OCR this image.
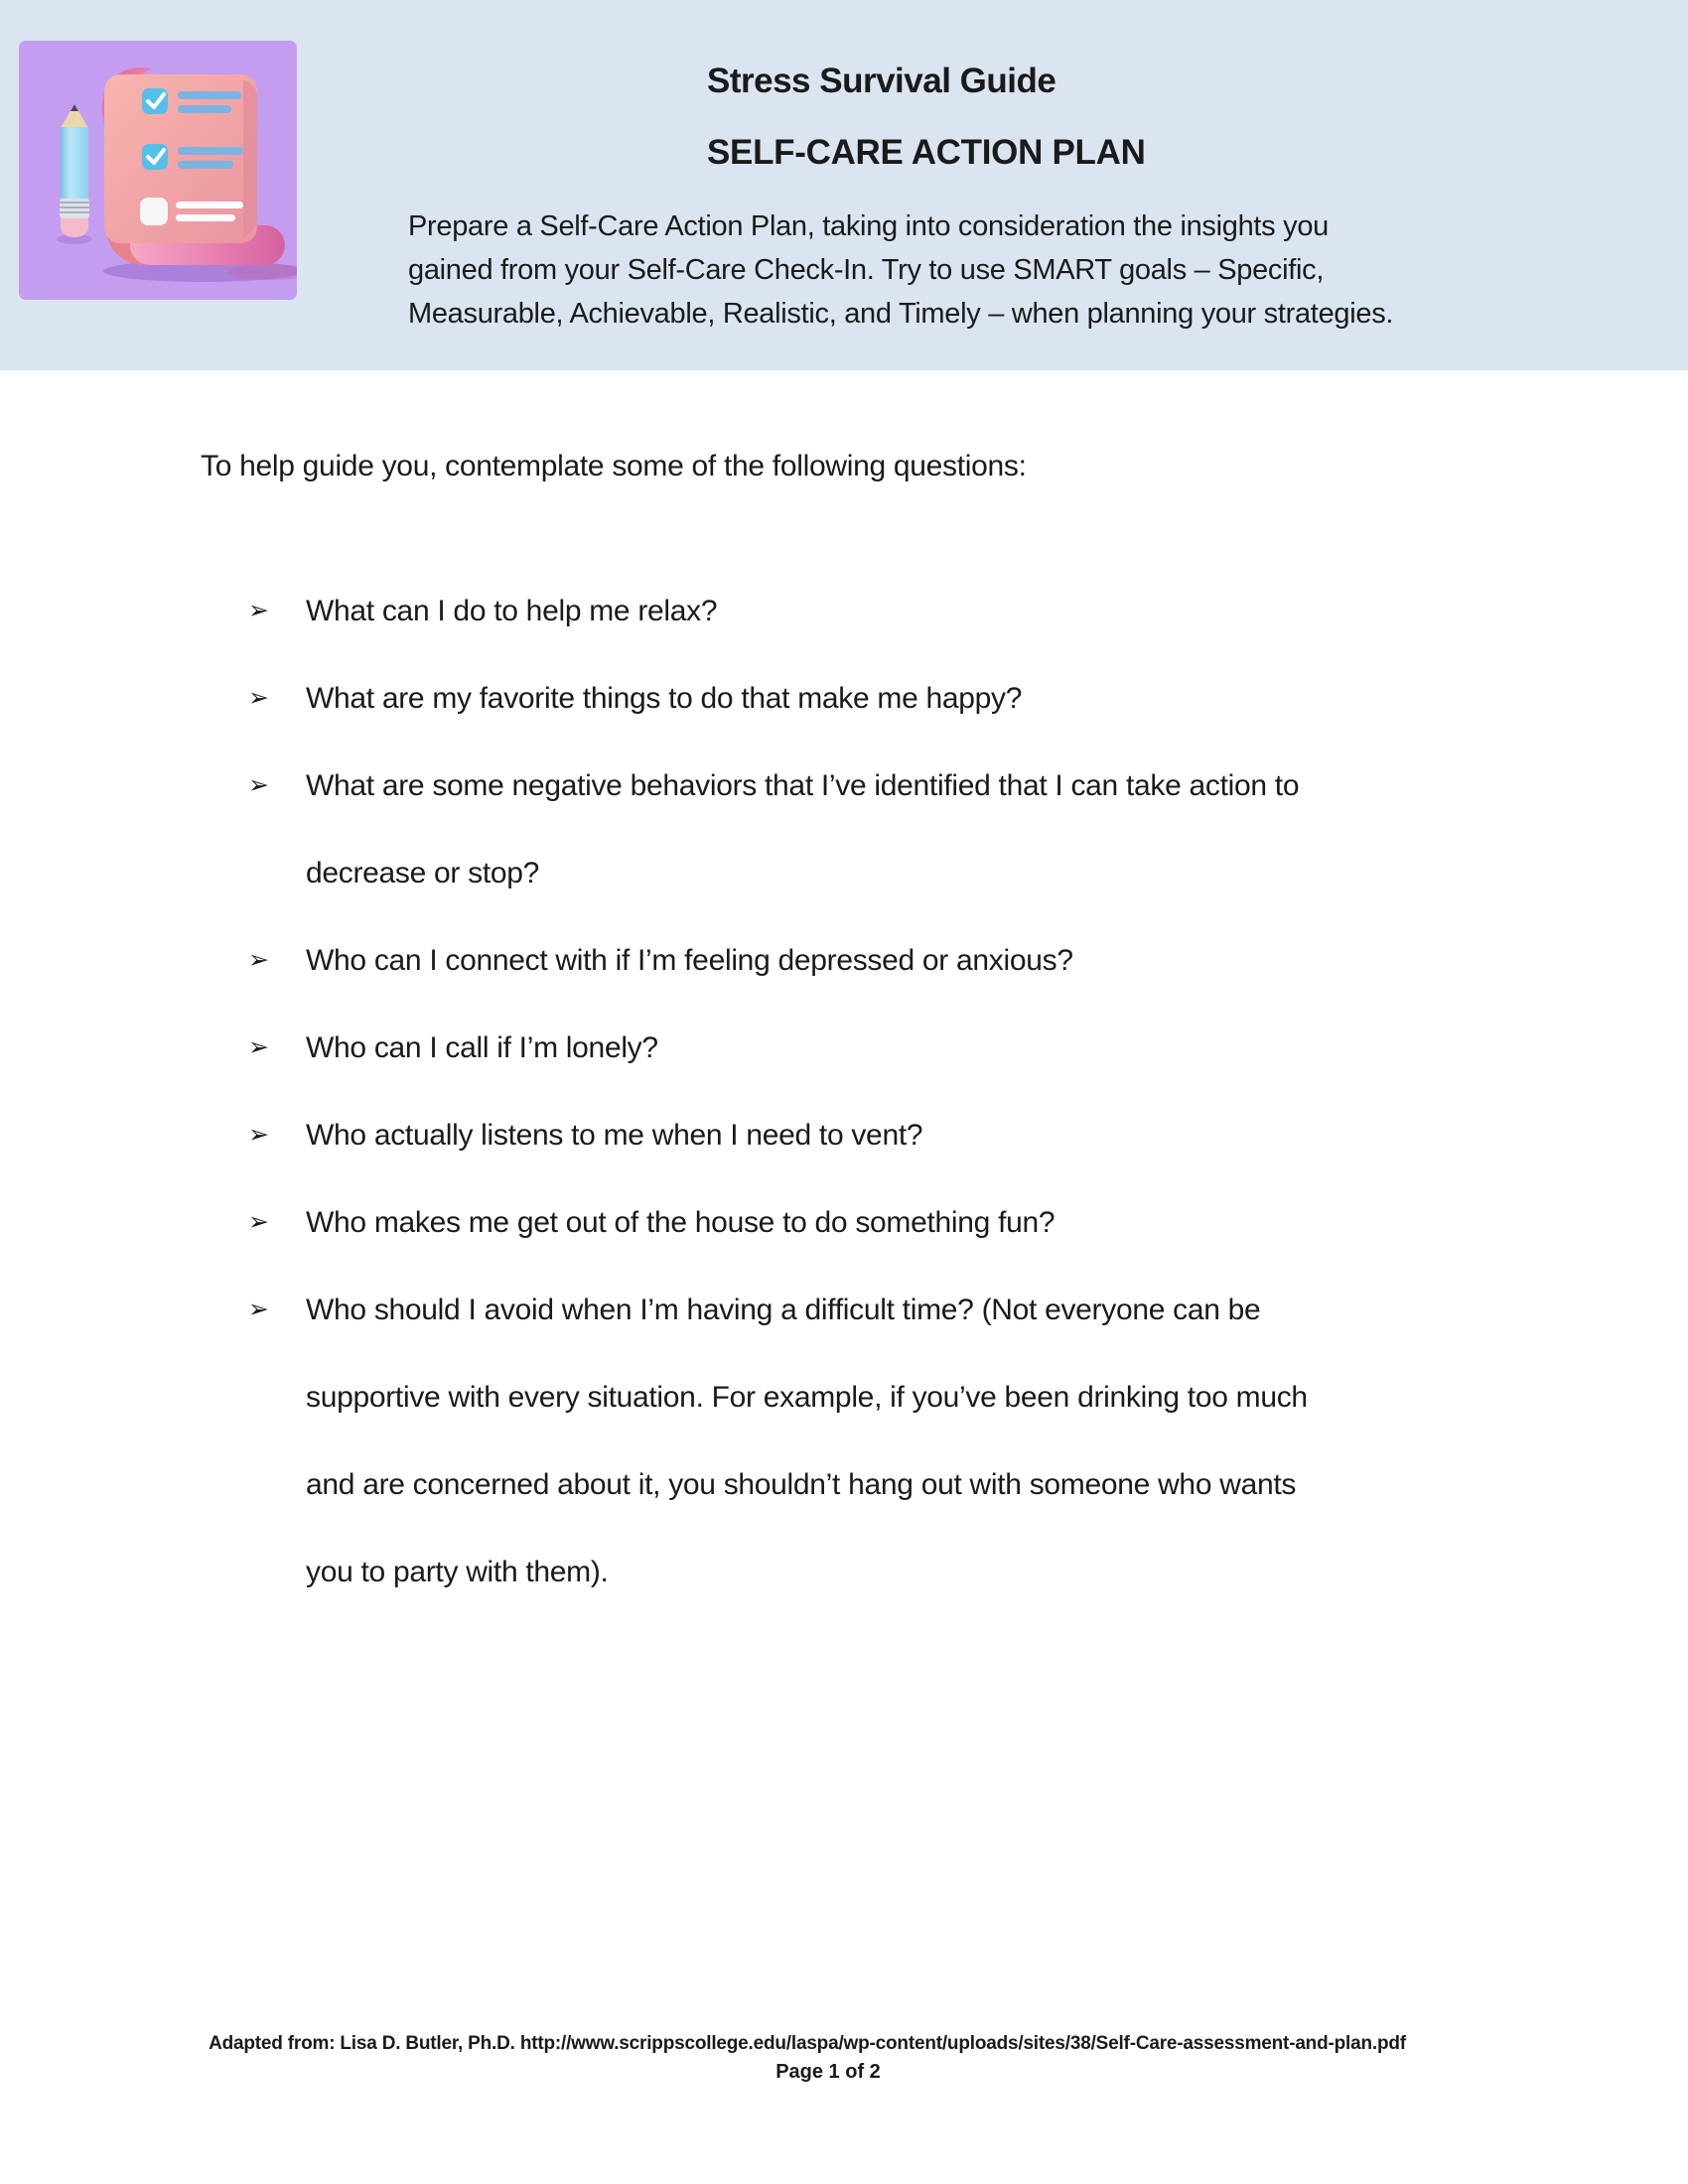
Stress Survival Guide
SELF-CARE ACTION PLAN
Prepare a Self-Care Action Plan, taking into consideration the insights you
gained from your Self-Care Check-In. Try to use SMART goals – Specific,
Measurable, Achievable, Realistic, and Timely – when planning your strategies.
To help guide you, contemplate some of the following questions:
➢	What can I do to help me relax?
➢	What are my favorite things to do that make me happy?
➢	What are some negative behaviors that I’ve identified that I can take action to
decrease or stop?
➢	Who can I connect with if I’m feeling depressed or anxious?
➢	Who can I call if I’m lonely?
➢	Who actually listens to me when I need to vent?
➢	Who makes me get out of the house to do something fun?
➢	Who should I avoid when I’m having a difficult time? (Not everyone can be
supportive with every situation. For example, if you’ve been drinking too much
and are concerned about it, you shouldn’t hang out with someone who wants
you to party with them).
Adapted from: Lisa D. Butler, Ph.D. http://www.scrippscollege.edu/laspa/wp-content/uploads/sites/38/Self-Care-assessment-and-plan.pdf
Page 1 of 2
